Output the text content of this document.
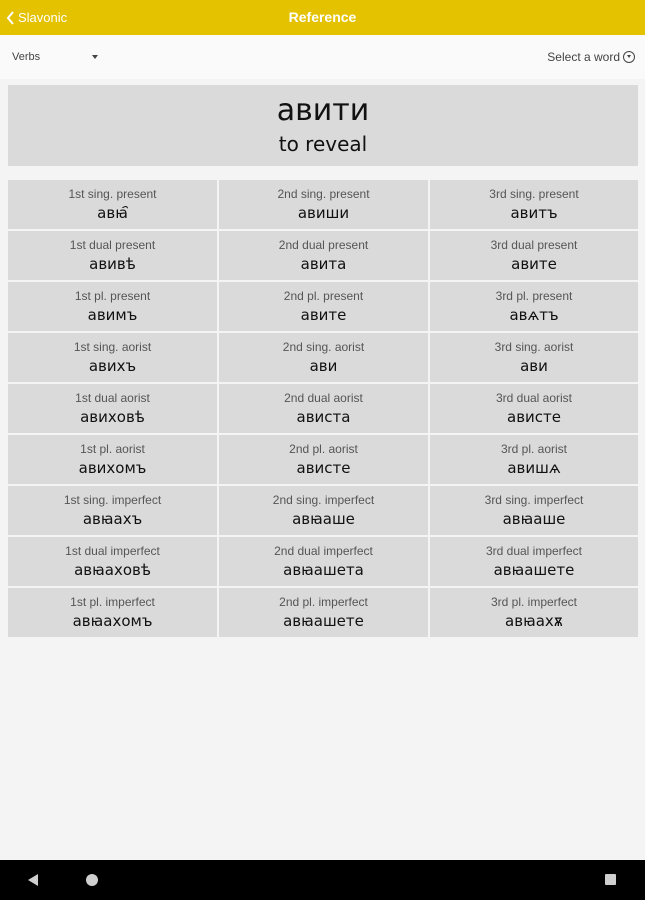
Slavonic	Reference
Verbs	Select a word
авити
to reveal
1st sing. present
авꙗ҄
2nd sing. present
авиши
3rd sing. present
авитъ
1st dual present
авивѣ
2nd dual present
авита
3rd dual present
авите
1st pl. present
авимъ
2nd pl. present
авите
3rd pl. present
авѧтъ
1st sing. aorist
авихъ
2nd sing. aorist
ави
3rd sing. aorist
ави
1st dual aorist
авиховѣ
2nd dual aorist
ависта
3rd dual aorist
ависте
1st pl. aorist
авихомъ
2nd pl. aorist
ависте
3rd pl. aorist
авишѧ
1st sing. imperfect
авꙗахъ
2nd sing. imperfect
авꙗаше
3rd sing. imperfect
авꙗаше
1st dual imperfect
авꙗаховѣ
2nd dual imperfect
авꙗашета
3rd dual imperfect
авꙗашете
1st pl. imperfect
авꙗахомъ
2nd pl. imperfect
авꙗашете
3rd pl. imperfect
авꙗахѫ
